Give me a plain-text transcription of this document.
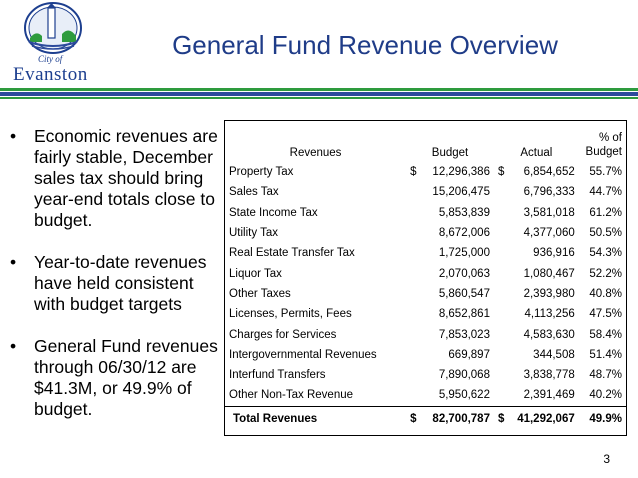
City of
Evanston
General Fund Revenue Overview
• Economic revenues are fairly stable, December sales tax should bring year-end totals close to budget.
• Year-to-date revenues have held consistent with budget targets
• General Fund revenues through 06/30/12 are $41.3M, or 49.9% of budget.
Revenues	Budget	Actual	% of
Budget
Property Tax	$ 12,296,386	$ 6,854,652	55.7%
Sales Tax	15,206,475	6,796,333	44.7%
State Income Tax	5,853,839	3,581,018	61.2%
Utility Tax	8,672,006	4,377,060	50.5%
Real Estate Transfer Tax	1,725,000	936,916	54.3%
Liquor Tax	2,070,063	1,080,467	52.2%
Other Taxes	5,860,547	2,393,980	40.8%
Licenses, Permits, Fees	8,652,861	4,113,256	47.5%
Charges for Services	7,853,023	4,583,630	58.4%
Intergovernmental Revenues	669,897	344,508	51.4%
Interfund Transfers	7,890,068	3,838,778	48.7%
Other Non-Tax Revenue	5,950,622	2,391,469	40.2%
Total Revenues	$ 82,700,787	$ 41,292,067	49.9%
3
